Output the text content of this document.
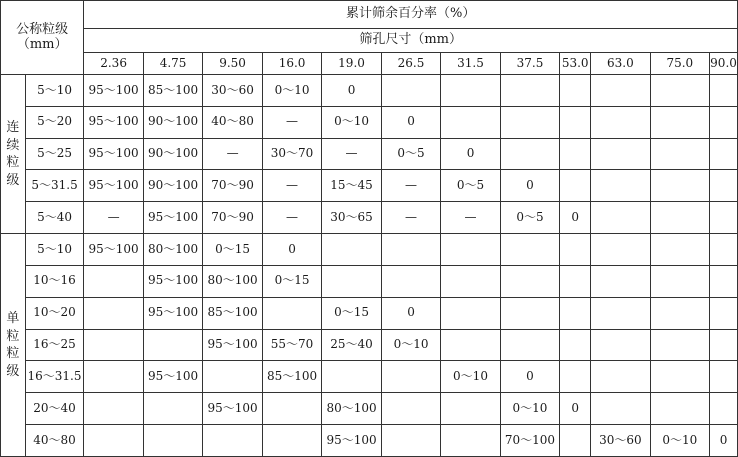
公称粒级
（mm）		累计筛余百分率（%）											
		筛孔尺寸（mm）											
		2.36	4.75	9.50	16.0	19.0	26.5	31.5	37.5	53.0	63.0	75.0	90.0

连
续
粒
级	5～10	95～100	85～100	30～60	0～10	0							
	5～20	95～100	90～100	40～80	—	0～10	0						
	5～25	95～100	90～100	—	30～70	—	0～5	0					
	5～31.5	95～100	90～100	70～90	—	15～45	—	0～5	0				
	5～40	—	95～100	70～90	—	30～65	—	—	0～5	0			

单
粒
粒
级	5～10	95～100	80～100	0～15	0								
	10～16		95～100	80～100	0～15								
	10～20		95～100	85～100		0～15	0						
	16～25			95～100	55～70	25～40	0～10						
	16～31.5		95～100		85～100			0～10	0				
	20～40			95～100		80～100			0～10	0			
	40～80					95～100			70～100		30～60	0～10	0
